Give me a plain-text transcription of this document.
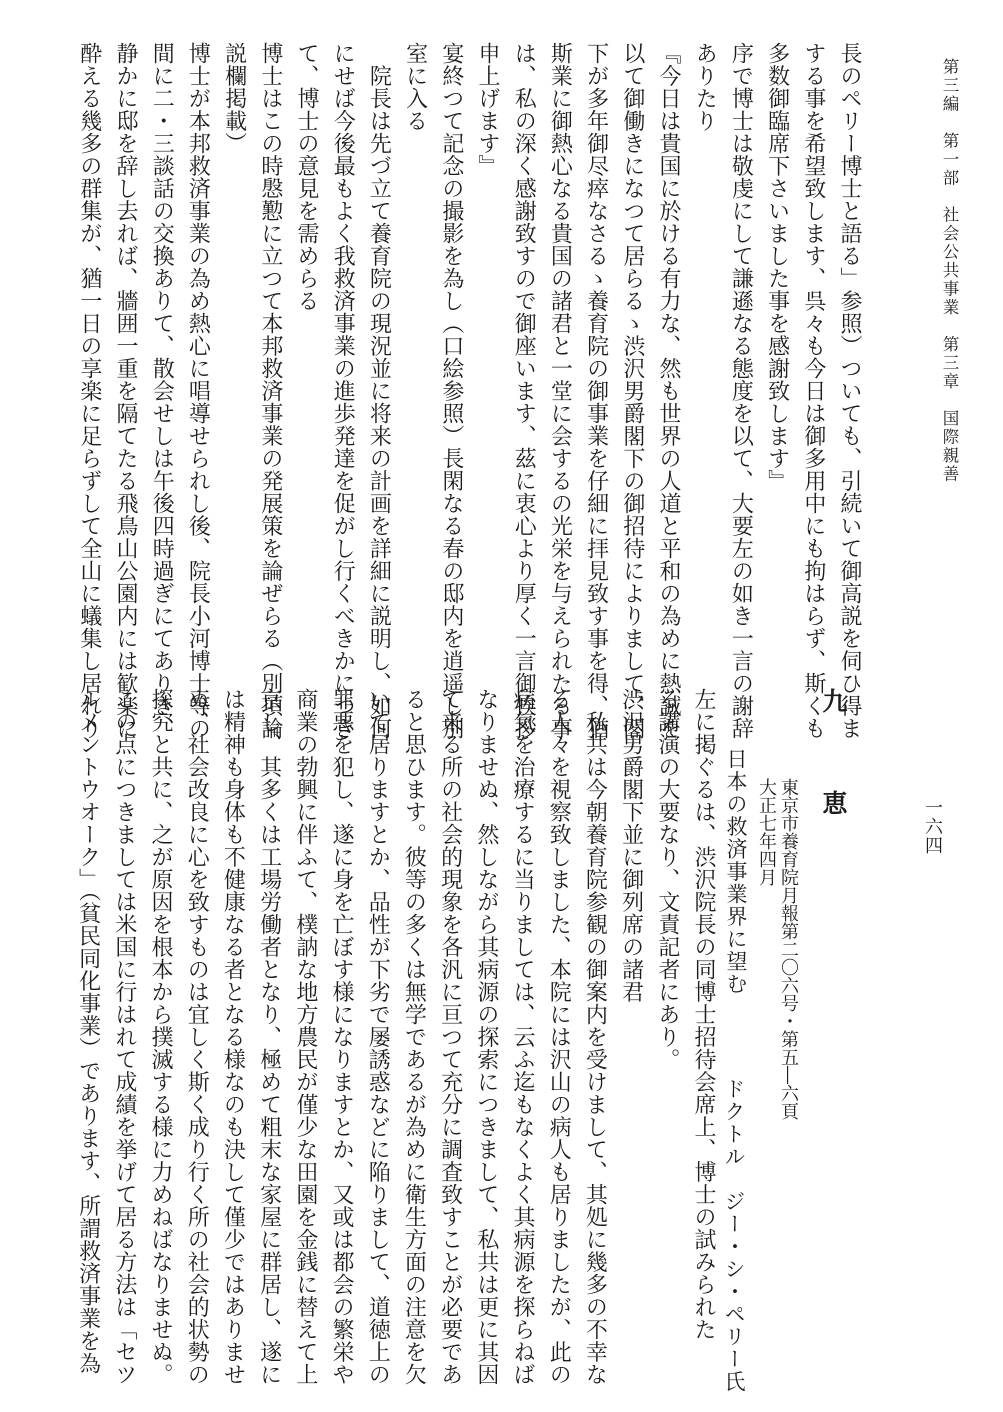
第三編　第一部　社会公共事業　第三章　国際親善
一六四
長のペリー博士と語る」参照）ついても、引続いて御高説を伺ひ得ま
する事を希望致します、呉々も今日は御多用中にも拘はらず、斯くも
多数御臨席下さいました事を感謝致します』
序で博士は敬虔にして謙遜なる態度を以て、大要左の如き一言の謝辞
ありたり
『今日は貴国に於ける有力な、然も世界の人道と平和の為めに熱誠を
以て御働きになつて居らるゝ渋沢男爵閣下の御招待によりまして、閣
下が多年御尽瘁なさるゝ養育院の御事業を仔細に拝見致す事を得、猶
斯業に御熱心なる貴国の諸君と一堂に会するの光栄を与えられたる事
は、私の深く感謝致すので御座います、茲に衷心より厚く一言御挨拶
申上げます』
宴終つて記念の撮影を為し（口絵参照）長閑なる春の邸内を逍遥し別
室に入る
　院長は先づ立て養育院の現況並に将来の計画を詳細に説明し、如何
にせば今後最もよく我救済事業の進歩発達を促がし行くべきかにつき
て、博士の意見を需めらる
博士はこの時慇懃に立つて本邦救済事業の発展策を論ぜらる（別項論
説欄掲載）
博士が本邦救済事業の為め熱心に唱導せられし後、院長小河博士等の
間に二・三談話の交換ありて、散会せしは午後四時過ぎにてありき、
静かに邸を辞し去れば、牆囲一重を隔てたる飛鳥山公園内には歓楽に
酔える幾多の群集が、猶一日の享楽に足らずして全山に蟻集し居れり
九　恵
東京市養育院月報第二〇六号・第五―六頁
大正七年四月
日本の救済事業界に望む
ドクトル　ジー・シ・ペリー氏
左に掲ぐるは、渋沢院長の同博士招待会席上、博士の試みられた
る講演の大要なり、文責記者にあり。
渋沢男爵閣下並に御列席の諸君
　私共は今朝養育院参観の御案内を受けまして、其処に幾多の不幸な
る人々を視察致しました、本院には沢山の病人も居りましたが、此の
病気を治療するに当りましては、云ふ迄もなくよく其病源を探らねば
なりませぬ、然しながら其病源の探索につきまして、私共は更に其因
て来る所の社会的現象を各汎に亘つて充分に調査致すことが必要であ
ると思ひます。彼等の多くは無学であるが為めに衛生方面の注意を欠
いて居りますとか、品性が下劣で屡誘惑などに陥りまして、道徳上の
罪悪を犯し、遂に身を亡ぼす様になりますとか、又或は都会の繁栄や
商業の勃興に伴ふて、樸訥な地方農民が僅少な田園を金銭に替えて上
京し、其多くは工場労働者となり、極めて粗末な家屋に群居し、遂に
は精神も身体も不健康なる者となる様なのも決して僅少ではありませ
ぬ、社会改良に心を致すものは宜しく斯く成り行く所の社会的状勢の
探究と共に、之が原因を根本から撲滅する様に力めねばなりませぬ。
この点につきましては米国に行はれて成績を挙げて居る方法は「セツ
ルメントウオーク」（貧民同化事業）であります、所謂救済事業を為
